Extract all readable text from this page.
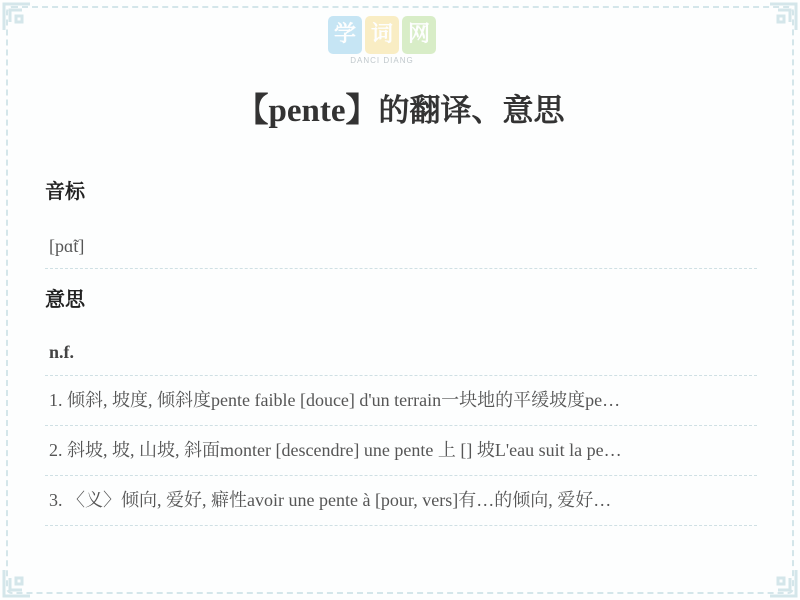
学 词 网
DANCI DIANG
【pente】的翻译、意思
音标
[pɑ̃t]
意思
n.f.
1. 倾斜, 坡度, 倾斜度pente faible [douce] d'un terrain一块地的平缓坡度pe…
2. 斜坡, 坡, 山坡, 斜面monter [descendre] une pente 上 [] 坡L'eau suit la pe…
3. 〈义〉倾向, 爱好, 癖性avoir une pente à [pour, vers]有…的倾向, 爱好…
